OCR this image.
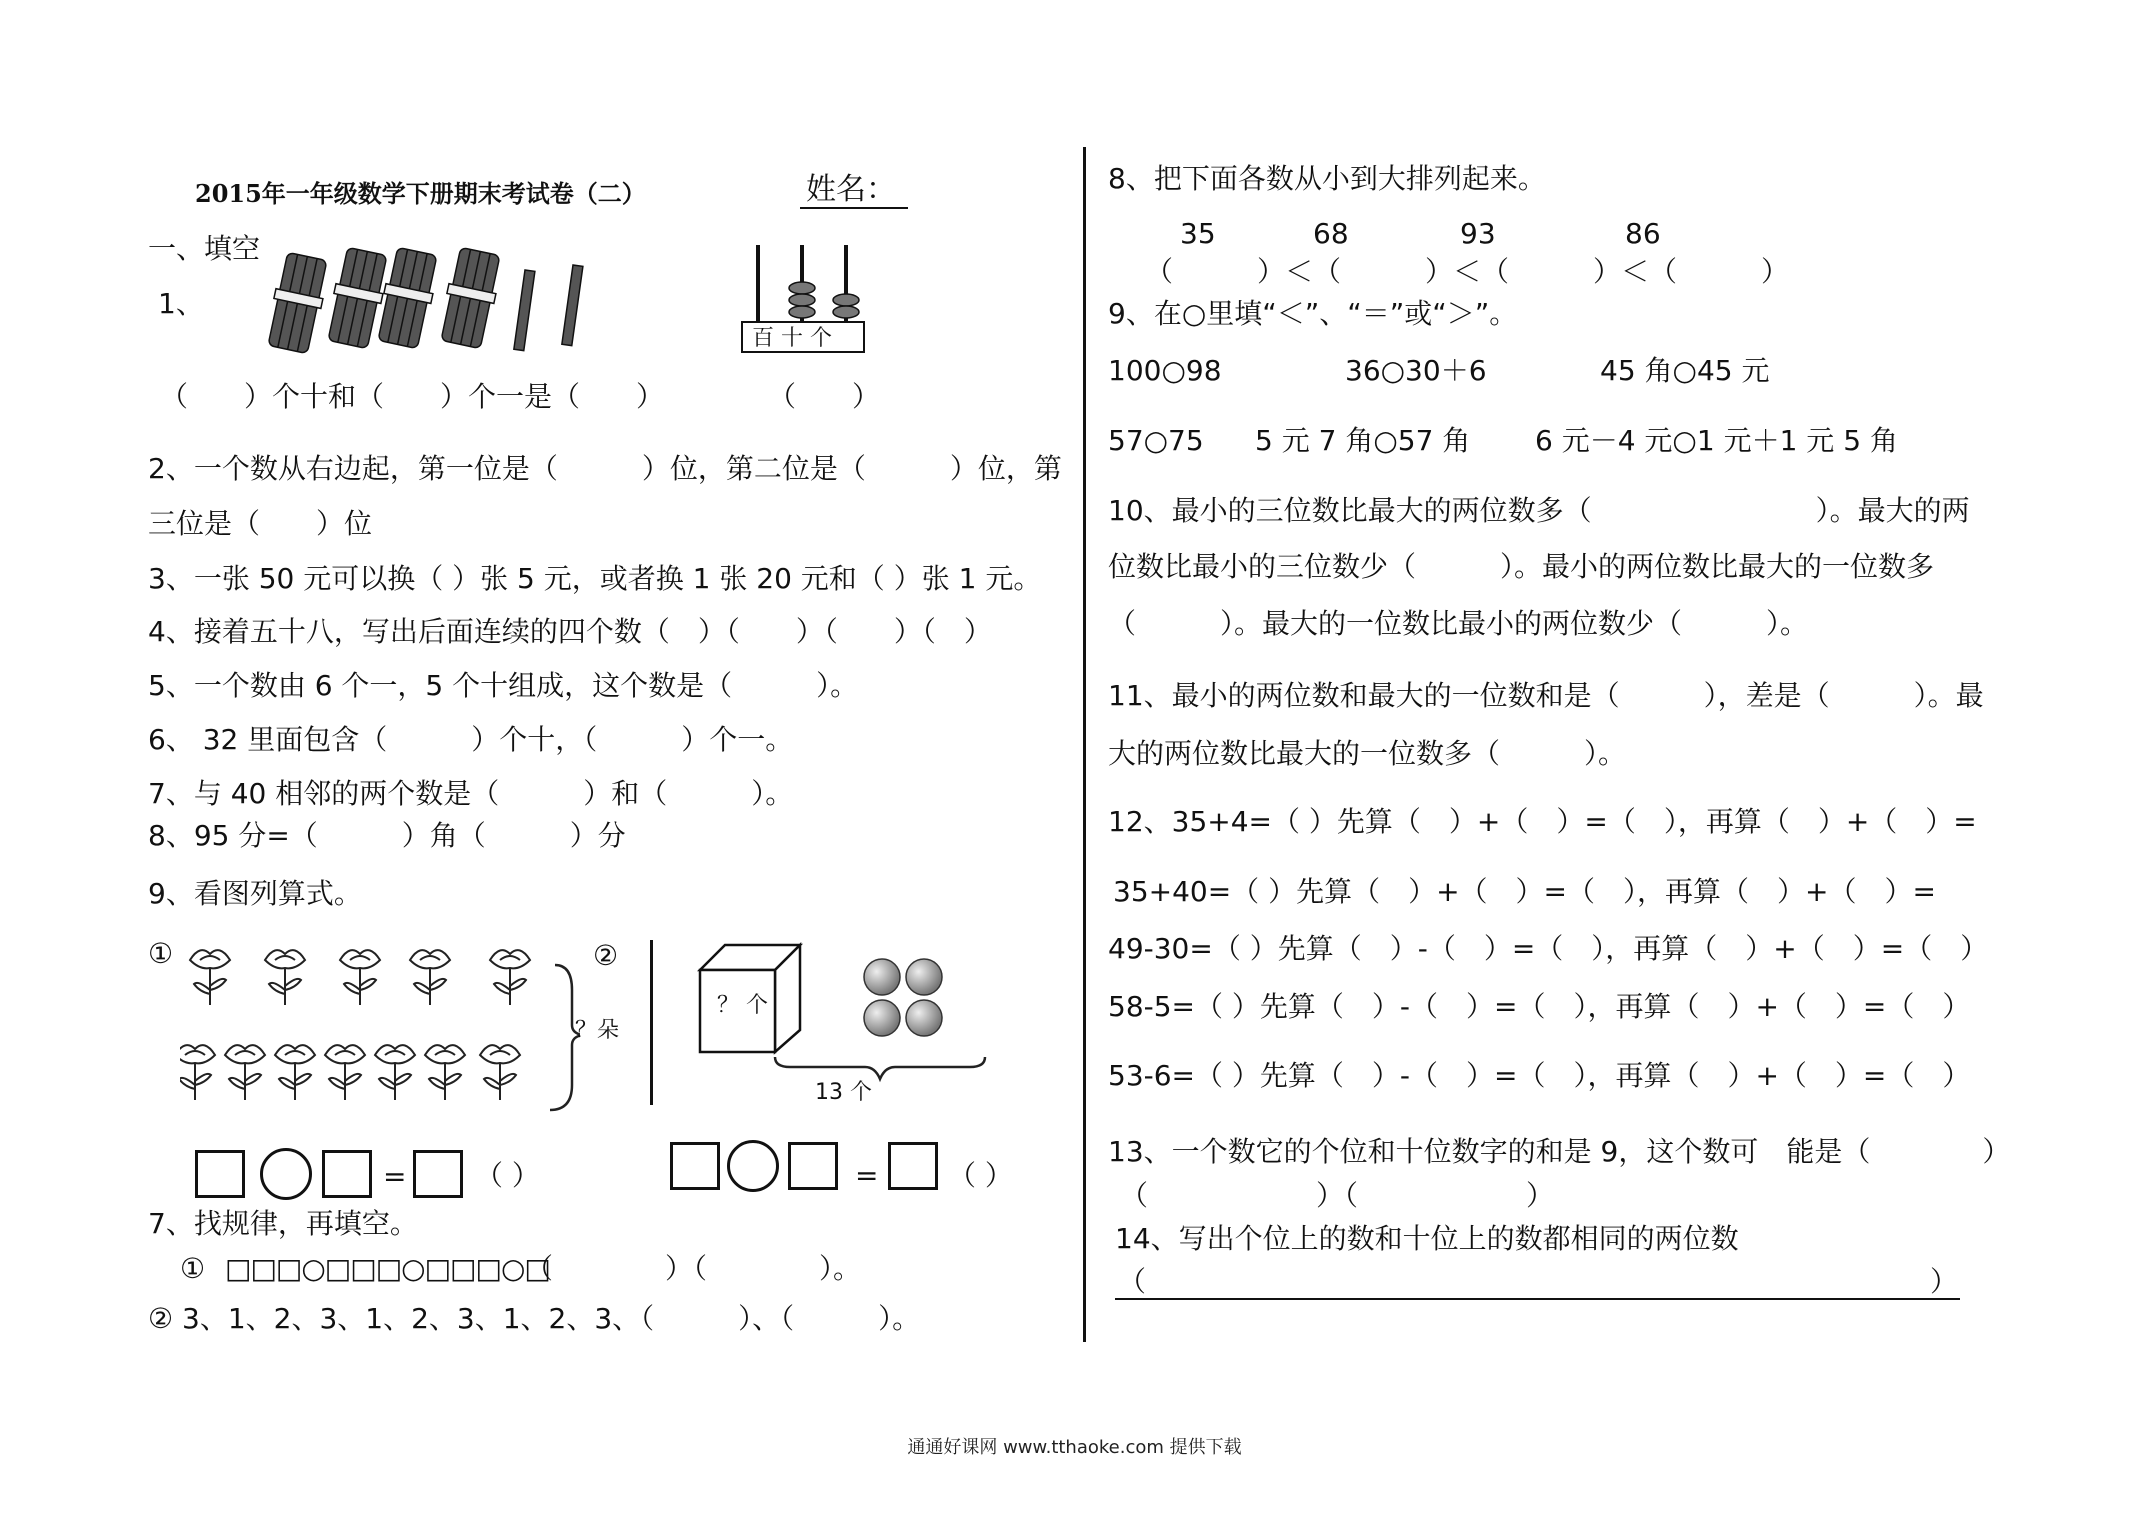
2015年一年级数学下册期末考试卷（二）	姓名：
一、填空
1、
百 十 个
（　　）个十和（　　）个一是（　　）	（　　）
2、一个数从右边起，第一位是（　　　）位，第二位是（　　　）位，第
三位是（　　）位
3、一张 50 元可以换（ ）张 5 元，或者换 1 张 20 元和（ ）张 1 元。
4、接着五十八，写出后面连续的四个数（　）（　　）（　　）（　）
5、一个数由 6 个一，5 个十组成，这个数是（　　　）。
6、 32 里面包含（　　　）个十，（　　　）个一。
7、与 40 相邻的两个数是（　　　）和（　　　）。
8、95 分=（　　　）角（　　　）分
9、看图列算式。
①
？朵
②
？ 个
13 个
= （ ）	= （ ）
7、找规律，再填空。
① □□□○□□□○□□□○□
（　　　　）（　　　　）。
② 3、1、2、3、1、2、3、1、2、3、（　　　）、（　　　）。
8、把下面各数从小到大排列起来。
35	68	93	86
（　　　）＜（　　　）＜（　　　）＜（　　　）
9、在○里填“＜”、“＝”或“＞”。
100○98	36○30＋6	45 角○45 元
57○75 5 元 7 角○57 角 6 元－4 元○1 元＋1 元 5 角
10、最小的三位数比最大的两位数多（　　　　　　　　）。最大的两
位数比最小的三位数少（　　　）。最小的两位数比最大的一位数多
（　　　）。最大的一位数比最小的两位数少（　　　）。
11、最小的两位数和最大的一位数和是（　　　），差是（　　　）。最
大的两位数比最大的一位数多（　　　）。
12、35+4=（ ）先算（　）+（　）=（　），再算（　）+（　）=
35+40=（ ）先算（　）+（　）=（　），再算（　）+（　）=
49-30=（ ）先算（　）-（　）=（　），再算（　）+（　）=（　）
58-5=（ ）先算（　）-（　）=（　），再算（　）+（　）=（　）
53-6=（ ）先算（　）-（　）=（　），再算（　）+（　）=（　）
13、一个数它的个位和十位数字的和是 9，这个数可　能是（　　　　）
（　　　　　　）（　　　　　　）
14、写出个位上的数和十位上的数都相同的两位数
（　　　　　　　　　　　　　　　　　　　　　　　　　　　　）
通通好课网 www.tthaoke.com 提供下载
